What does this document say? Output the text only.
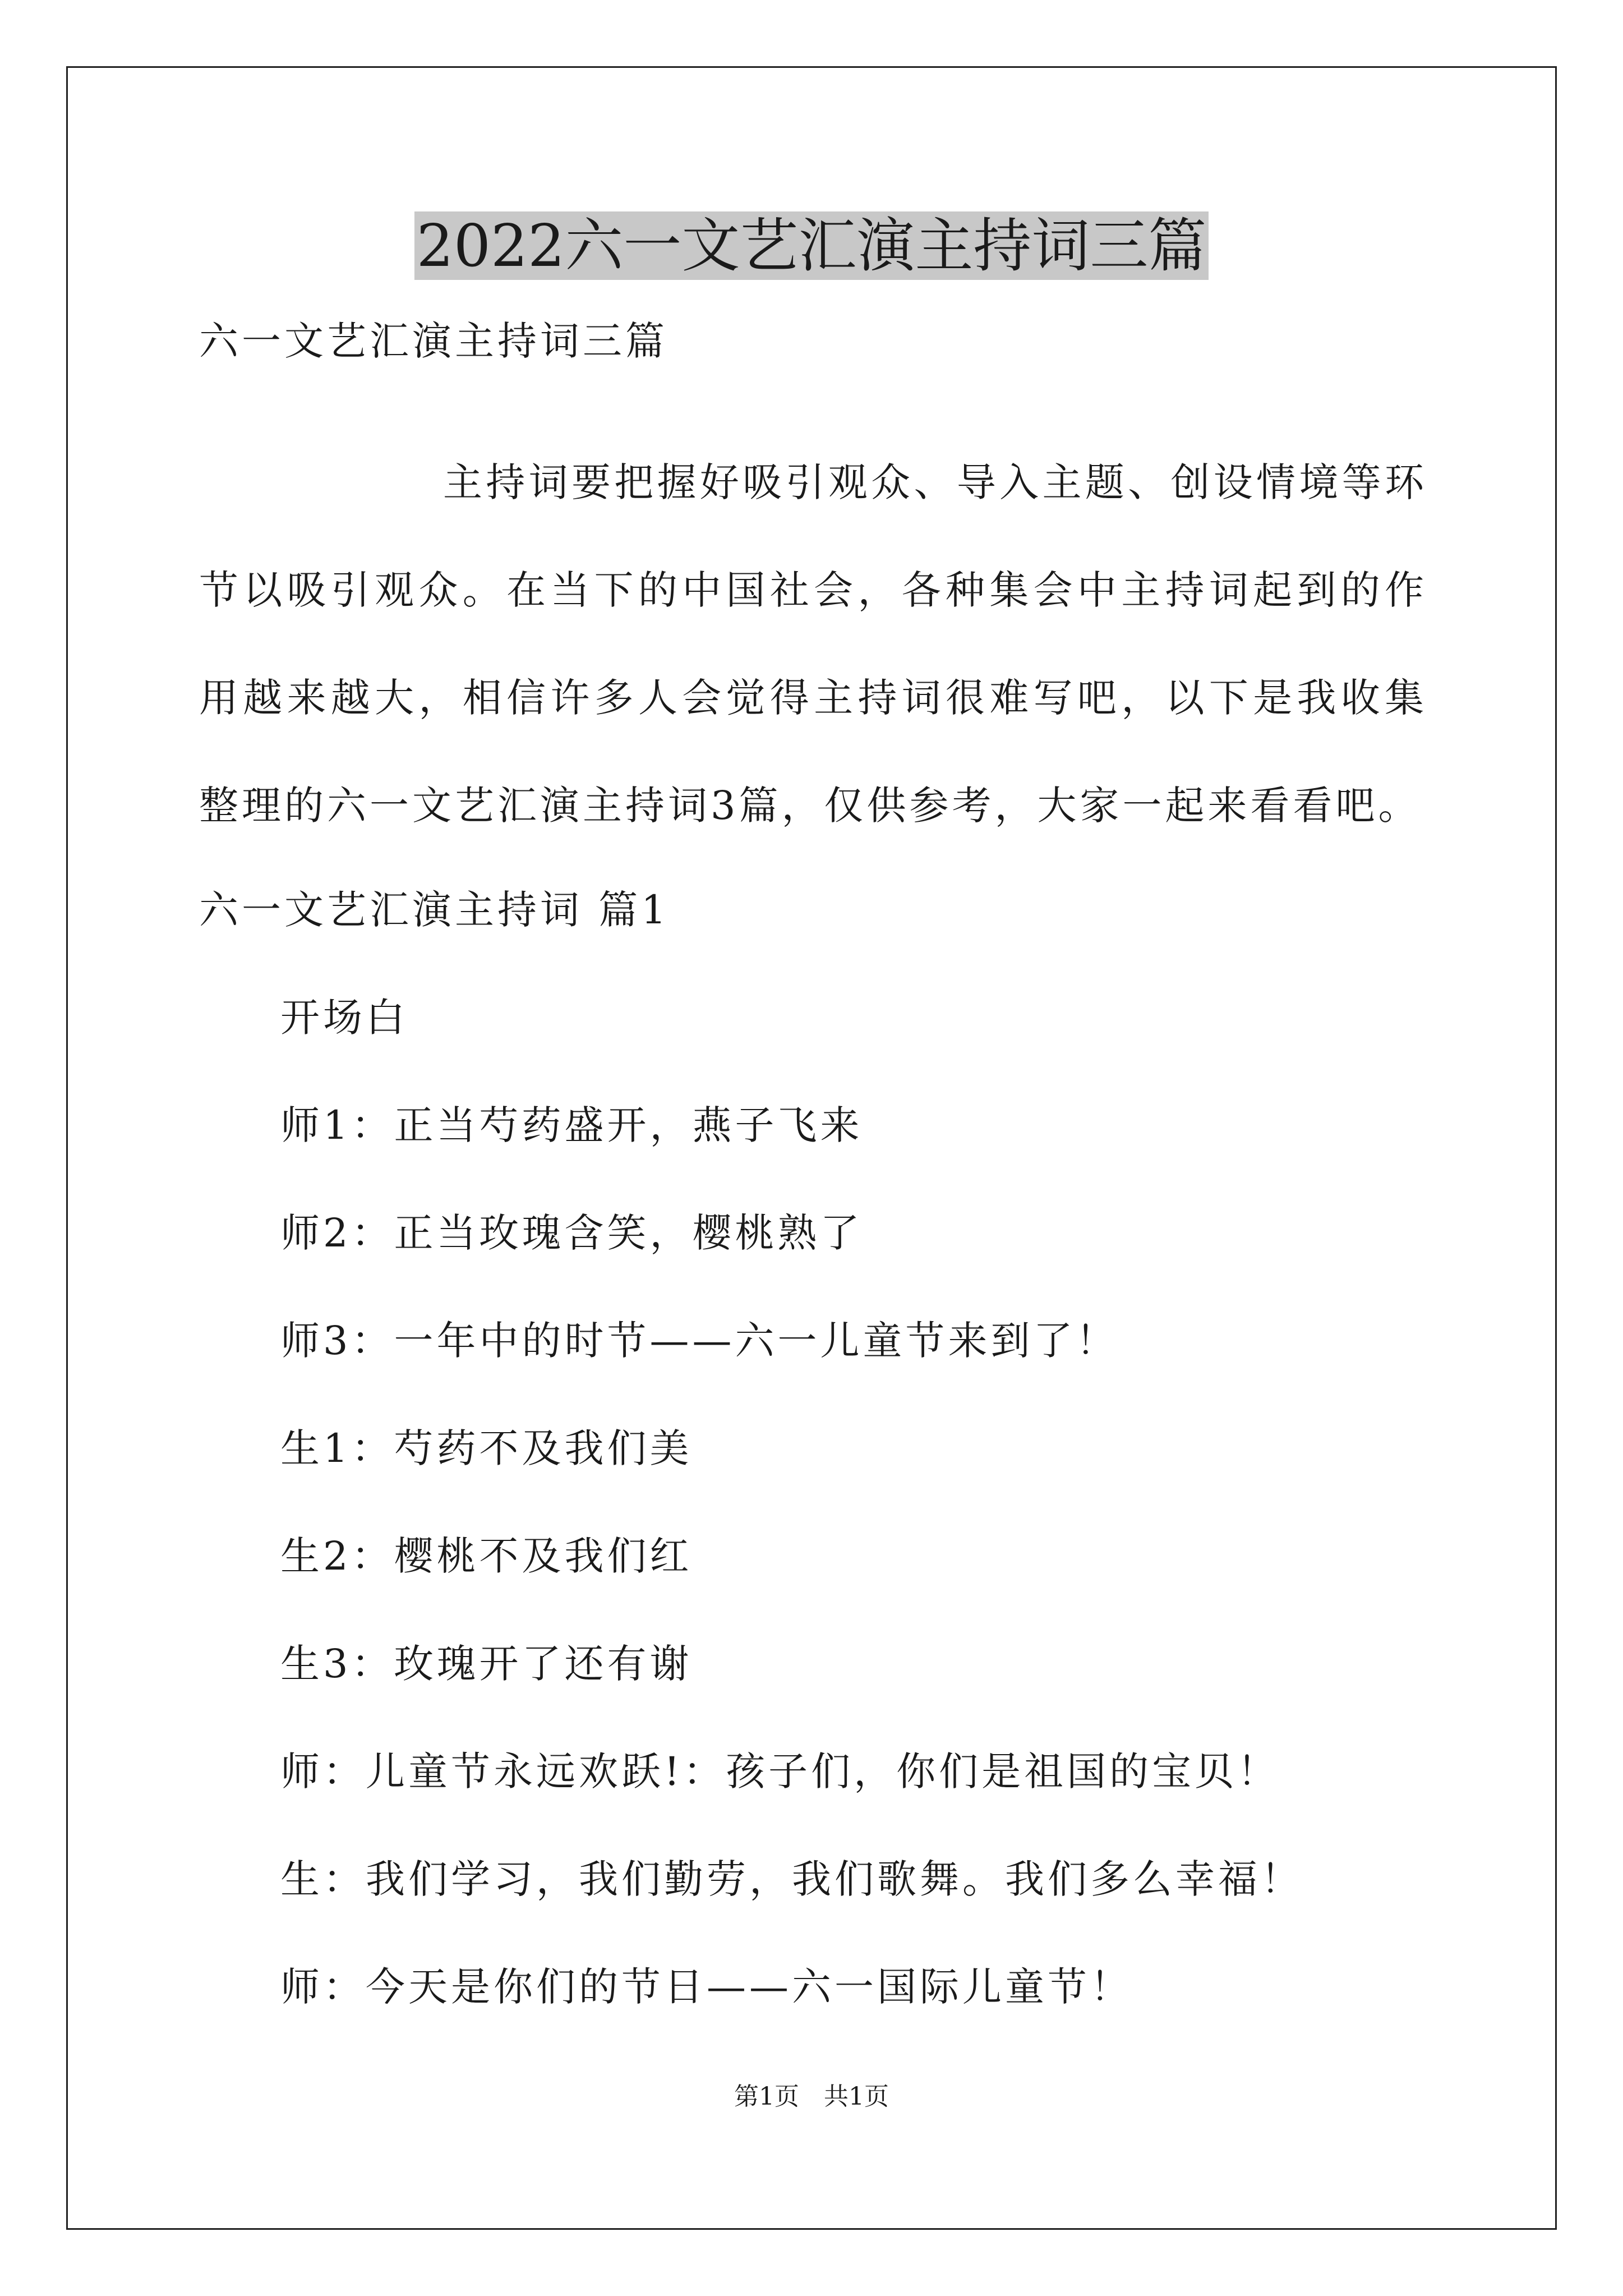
2022六一文艺汇演主持词三篇
六一文艺汇演主持词三篇
主持词要把握好吸引观众、导入主题、创设情境等环节以吸引观众。在当下的中国社会，各种集会中主持词起到的作用越来越大，相信许多人会觉得主持词很难写吧，以下是我收集整理的六一文艺汇演主持词3篇，仅供参考，大家一起来看看吧。
六一文艺汇演主持词 篇1
开场白
师1：正当芍药盛开，燕子飞来
师2：正当玫瑰含笑，樱桃熟了
师3：一年中的时节——六一儿童节来到了！
生1：芍药不及我们美
生2：樱桃不及我们红
生3：玫瑰开了还有谢
师：儿童节永远欢跃!：孩子们，你们是祖国的宝贝！
生：我们学习，我们勤劳，我们歌舞。我们多么幸福！
师：今天是你们的节日——六一国际儿童节！
第1页　共1页
